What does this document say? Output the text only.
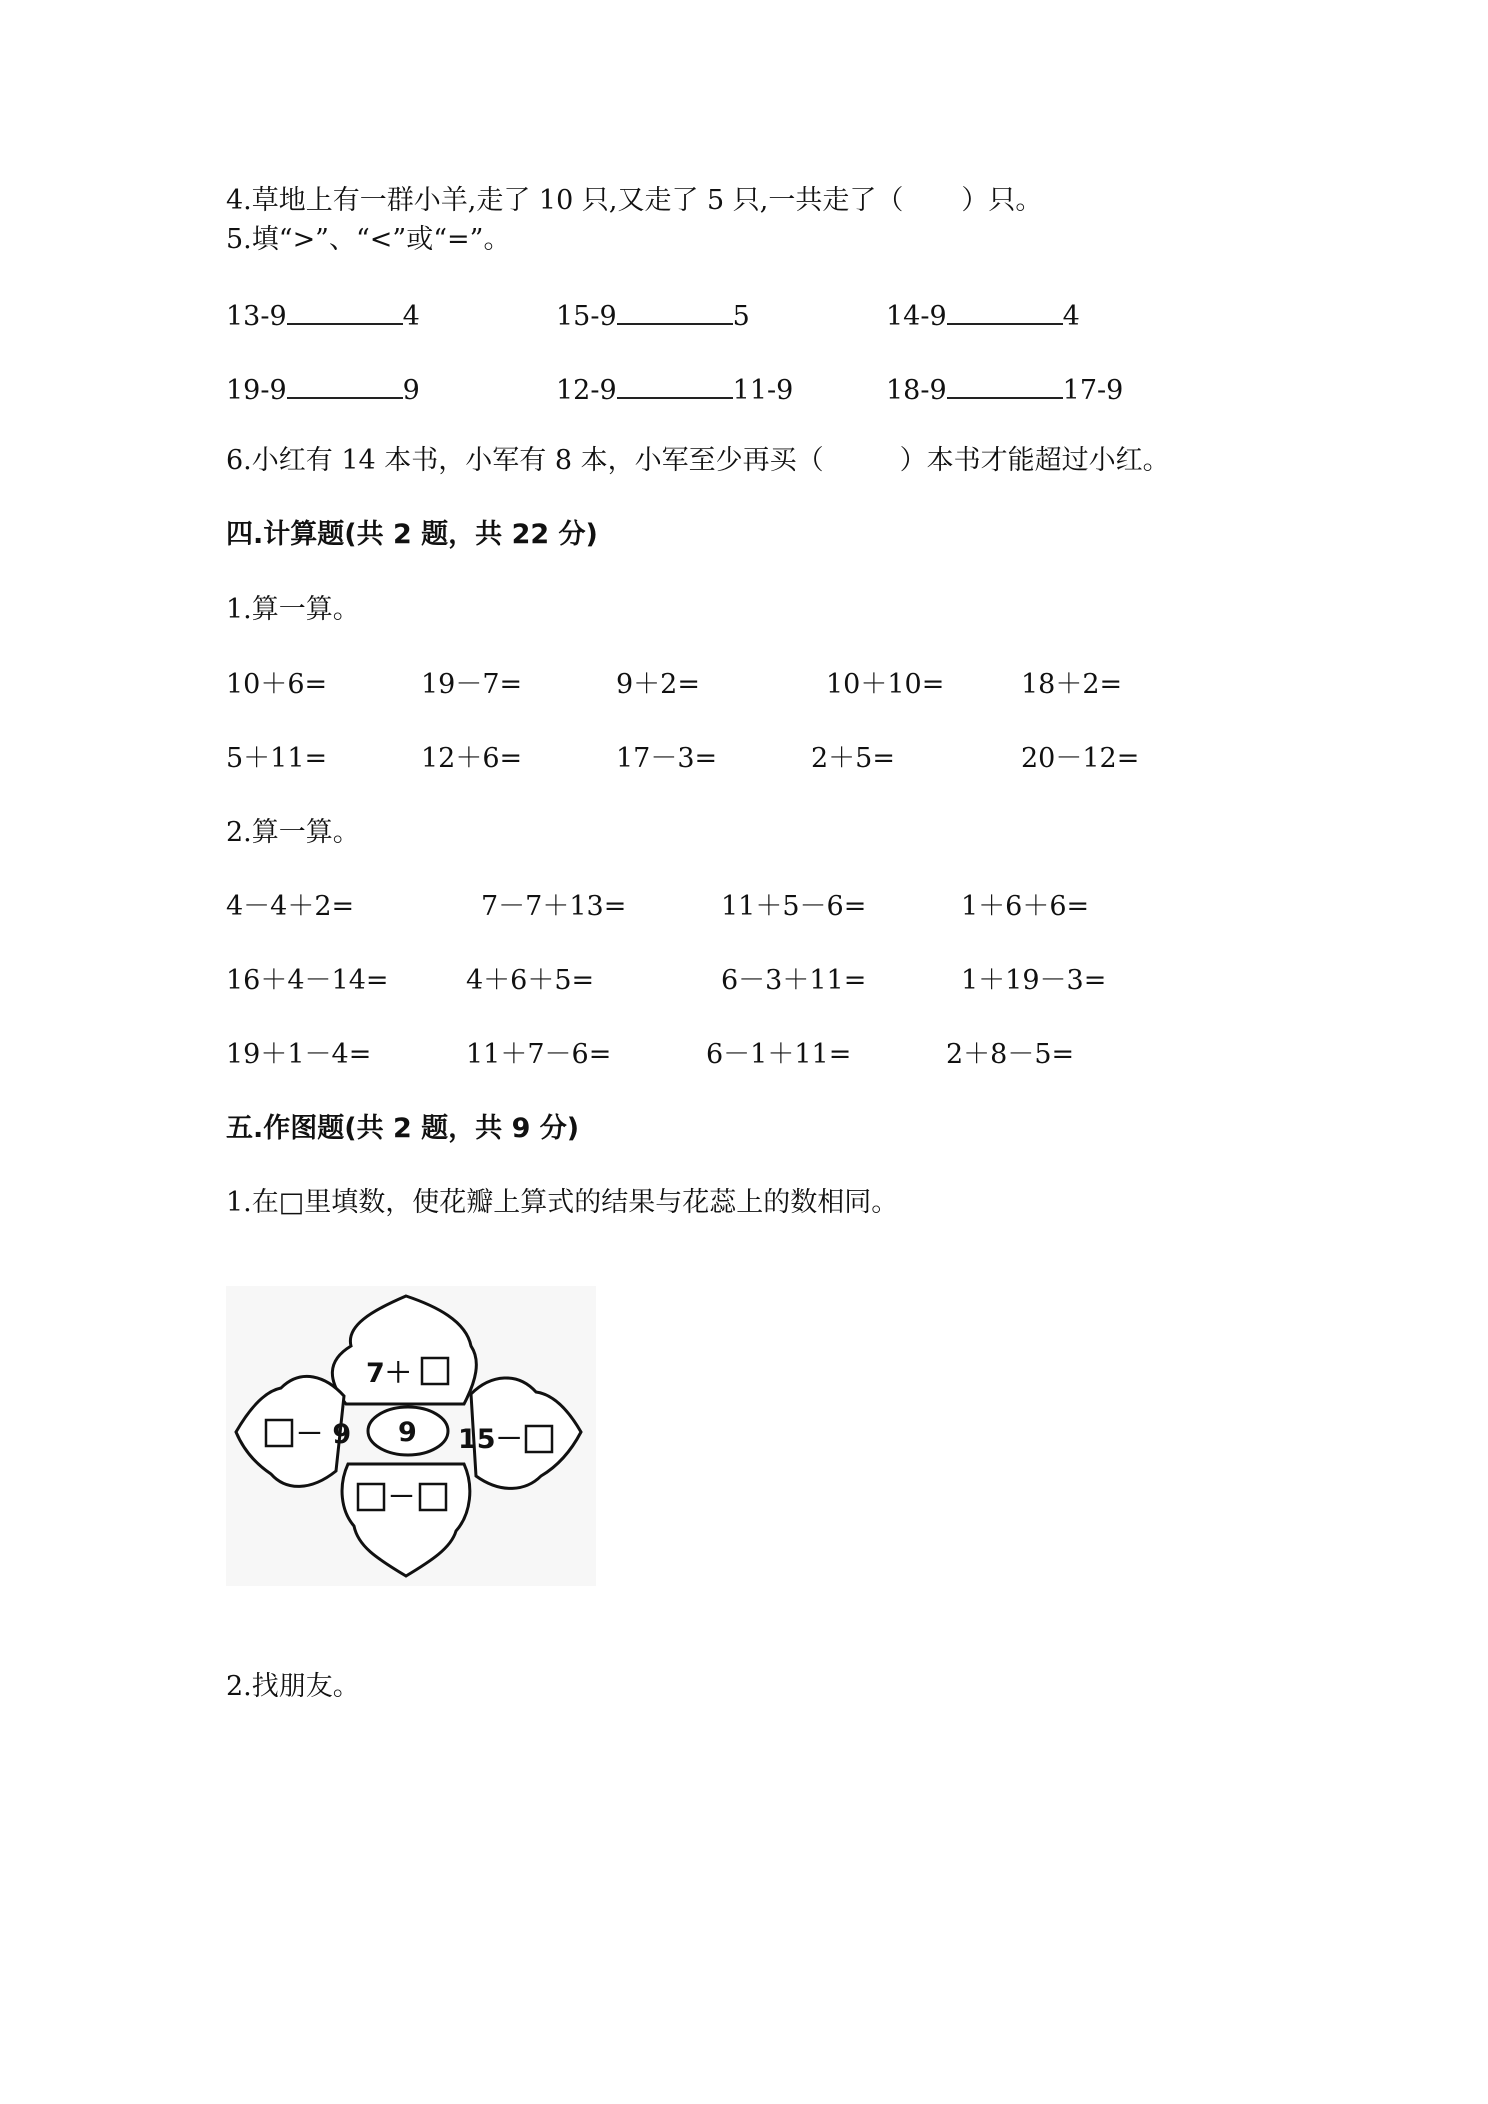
4.草地上有一群小羊,走了 10 只,又走了 5 只,一共走了（ ）只。
5.填“>”、“<”或“=”。
13-9	4	15-9	5	14-9	4
19-9	9	12-9	11-9	18-9	17-9
6.小红有 14 本书，小军有 8 本，小军至少再买（	）本书才能超过小红。
四.计算题(共 2 题，共 22 分)
1.算一算。
10＋6=	19－7=	9＋2=	10＋10=	18＋2=
5＋11=	12＋6=	17－3=	2＋5=	20－12=
2.算一算。
4－4＋2=	7－7＋13=	11＋5－6=	1＋6＋6=
16＋4－14=	4＋6＋5=	6－3＋11=	1＋19－3=
19＋1－4=	11＋7－6=	6－1＋11=	2＋8－5=
五.作图题(共 2 题，共 9 分)
1.在□里填数，使花瓣上算式的结果与花蕊上的数相同。
9
7＋
－ 9	15－
－
2.找朋友。
